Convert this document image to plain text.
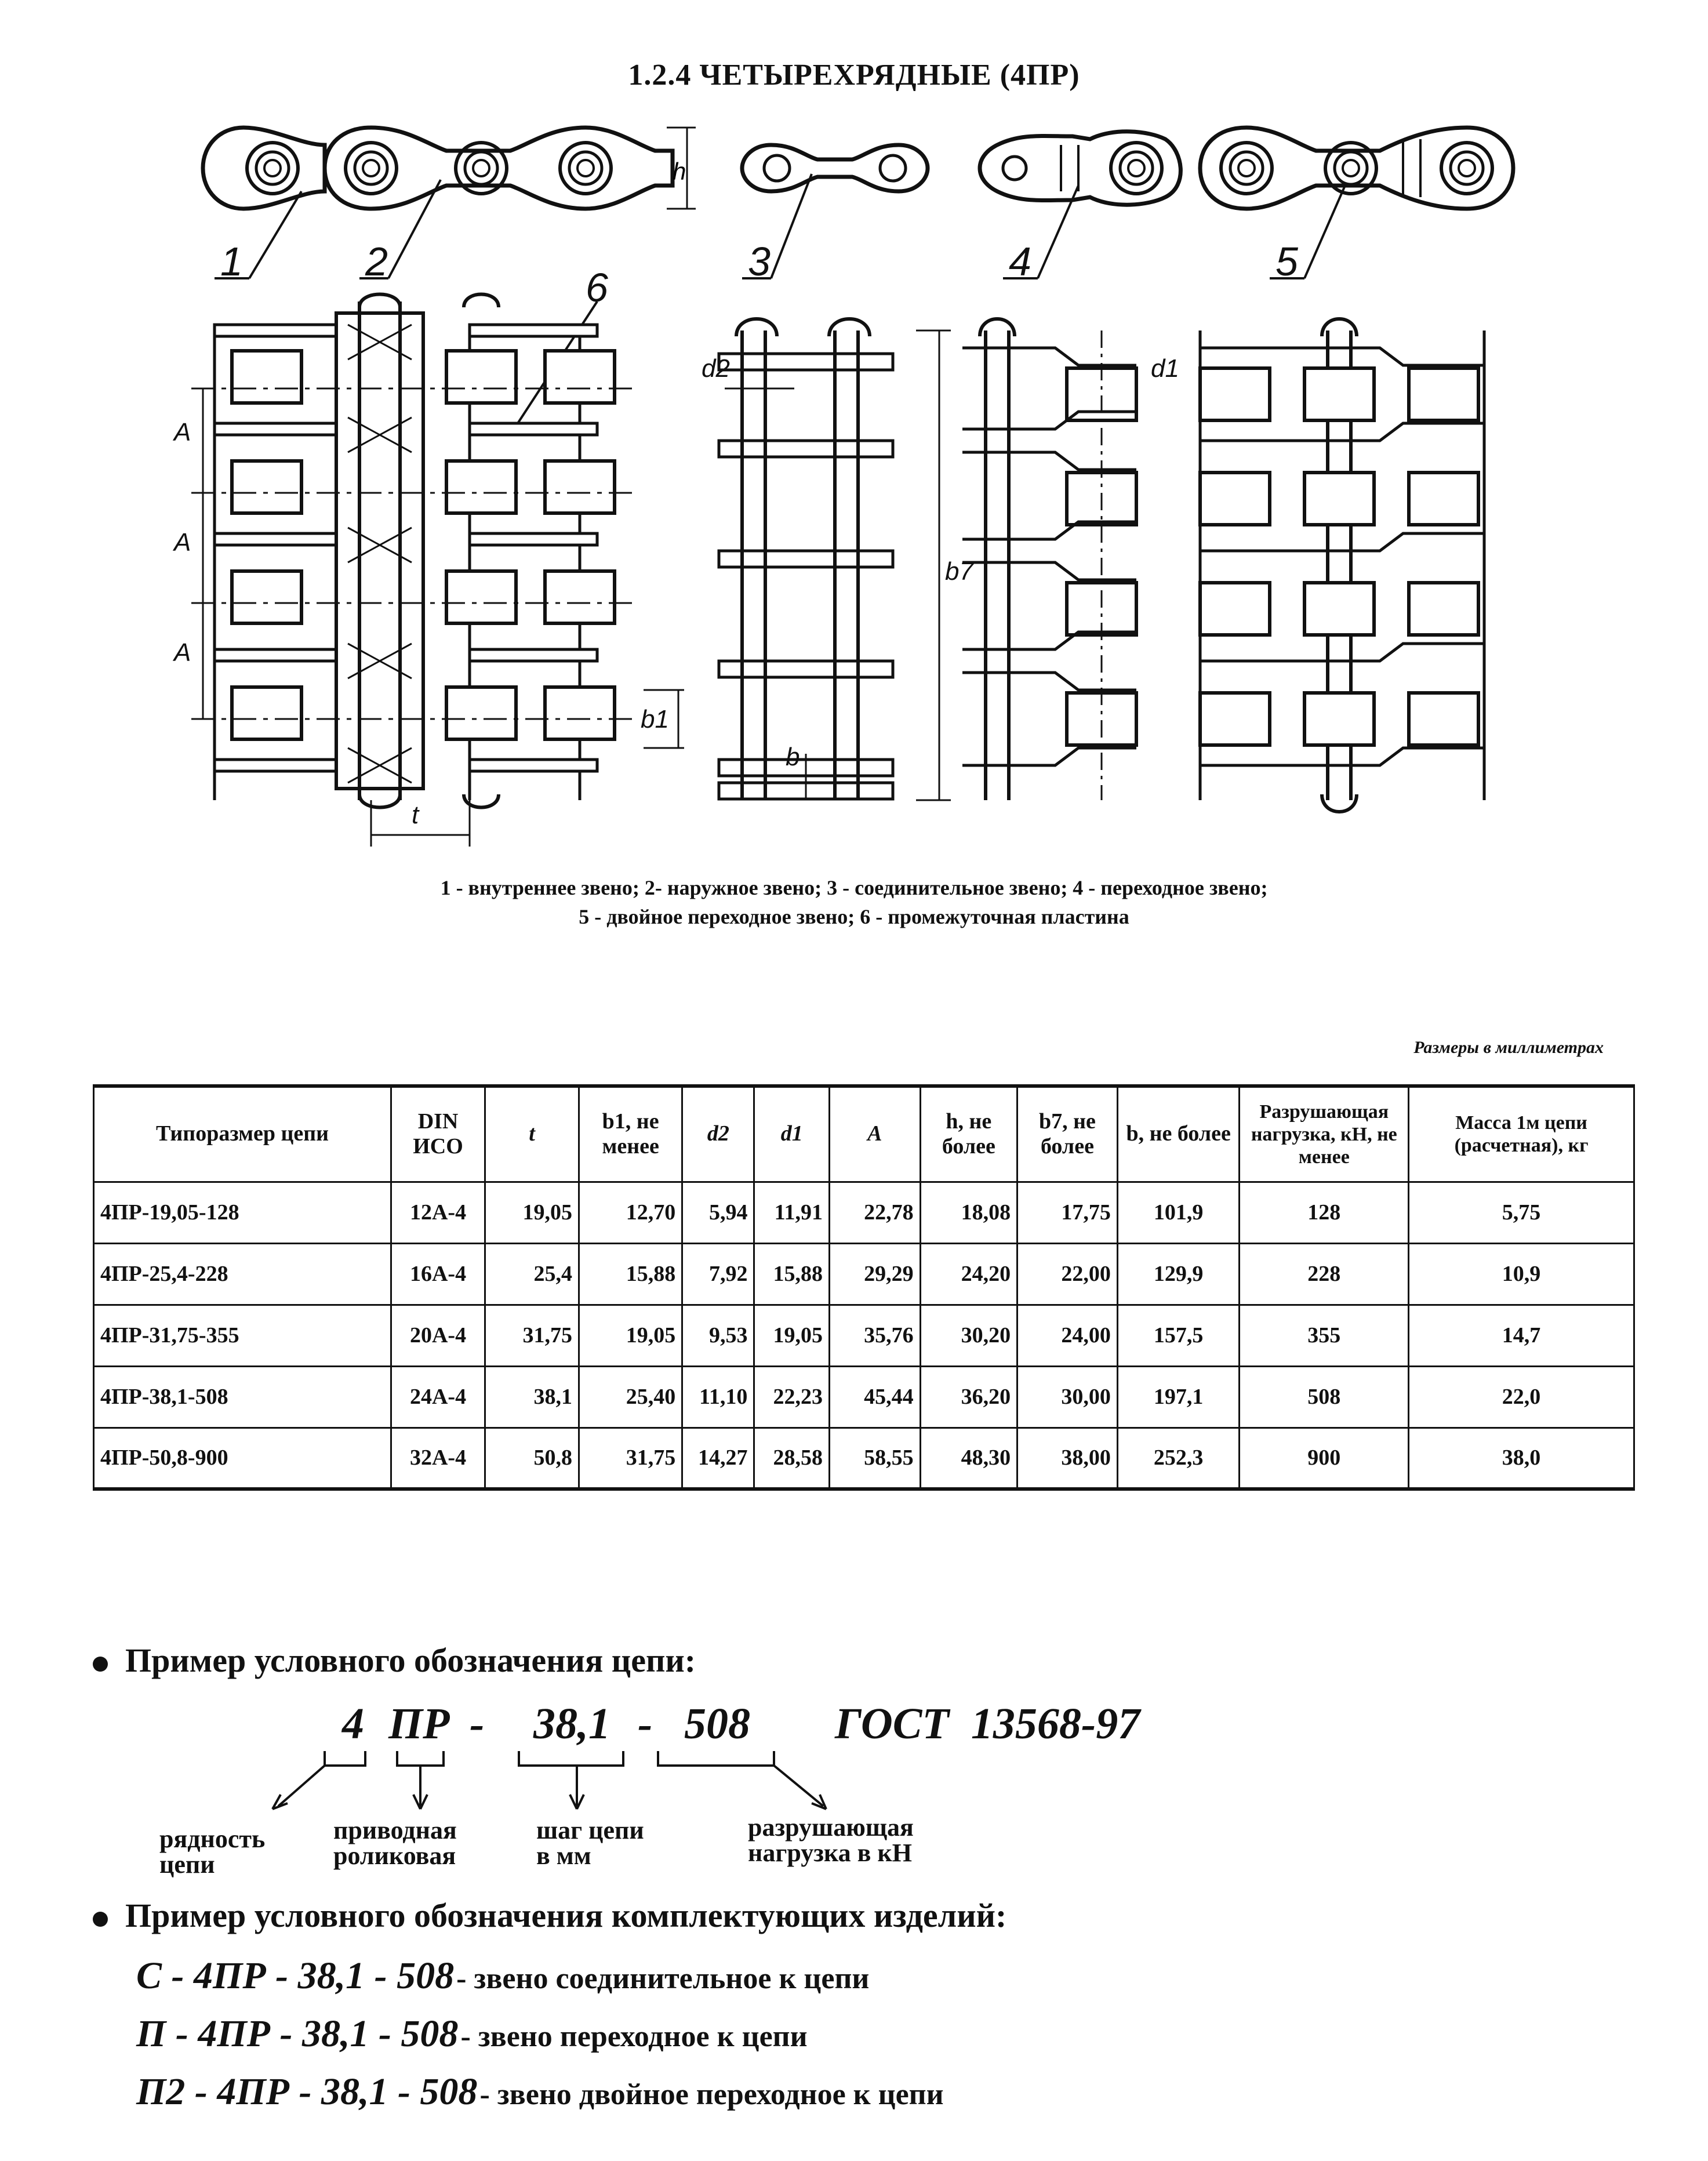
1.2.4 ЧЕТЫРЕХРЯДНЫЕ (4ПР)
h
1	2	3	4	5
6
A
A
A
t
b1
d2
b7
b
d1
1 - внутреннее звено; 2- наружное звено; 3 - соединительное звено; 4 - переходное звено;
5 - двойное переходное звено; 6 - промежуточная пластина
Размеры в миллиметрах
Типоразмер цепи	DIN ИСО	t	b1, не менее	d2	d1	A	h, не более	b7, не более	b, не более	Разрушающая нагрузка, кН, не менее	Масса 1м цепи (расчетная), кг
4ПР-19,05-128	12А-4	19,05	12,70	5,94	11,91	22,78	18,08	17,75	101,9	128	5,75
4ПР-25,4-228	16А-4	25,4	15,88	7,92	15,88	29,29	24,20	22,00	129,9	228	10,9
4ПР-31,75-355	20А-4	31,75	19,05	9,53	19,05	35,76	30,20	24,00	157,5	355	14,7
4ПР-38,1-508	24А-4	38,1	25,40	11,10	22,23	45,44	36,20	30,00	197,1	508	22,0
4ПР-50,8-900	32А-4	50,8	31,75	14,27	28,58	58,55	48,30	38,00	252,3	900	38,0
Пример условного обозначения цепи:
4 ПР - 38,1 - 508 ГОСТ  13568-97
рядность
цепи
приводная
роликовая
шаг цепи
в мм
разрушающая
нагрузка в кН
Пример условного обозначения комплектующих изделий:
С - 4ПР - 38,1 - 508 - звено соединительное к цепи
П - 4ПР - 38,1 - 508 - звено переходное к цепи
П2 - 4ПР - 38,1 - 508 - звено двойное переходное к цепи
